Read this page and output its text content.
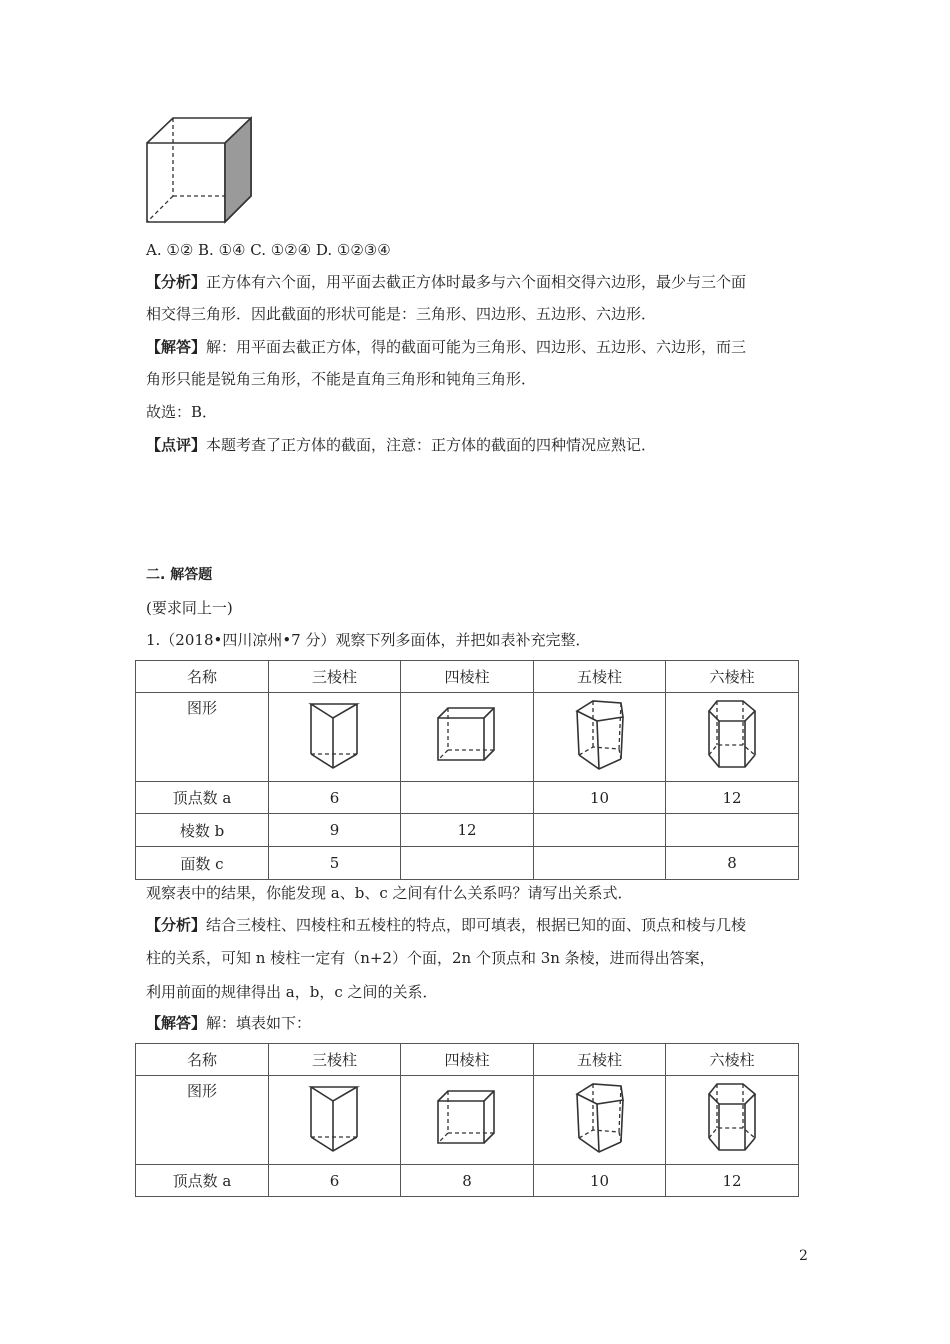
A. ①② B. ①④ C. ①②④ D. ①②③④
【分析】正方体有六个面，用平面去截正方体时最多与六个面相交得六边形，最少与三个面
相交得三角形．因此截面的形状可能是：三角形、四边形、五边形、六边形．
【解答】解：用平面去截正方体，得的截面可能为三角形、四边形、五边形、六边形，而三
角形只能是锐角三角形，不能是直角三角形和钝角三角形．
故选：B．
【点评】本题考查了正方体的截面，注意：正方体的截面的四种情况应熟记．
二. 解答题
(要求同上一)
1.（2018•四川凉州•7 分）观察下列多面体，并把如表补充完整．
名称	三棱柱	四棱柱	五棱柱	六棱柱
图形				
顶点数 a	6		10	12
棱数 b	9	12		
面数 c	5			8
观察表中的结果，你能发现 a、b、c 之间有什么关系吗？请写出关系式．
【分析】结合三棱柱、四棱柱和五棱柱的特点，即可填表，根据已知的面、顶点和棱与几棱
柱的关系，可知 n 棱柱一定有（n+2）个面，2n 个顶点和 3n 条棱，进而得出答案，
利用前面的规律得出 a，b，c 之间的关系．
【解答】解：填表如下：
名称	三棱柱	四棱柱	五棱柱	六棱柱
图形				
顶点数 a	6	8	10	12
2
